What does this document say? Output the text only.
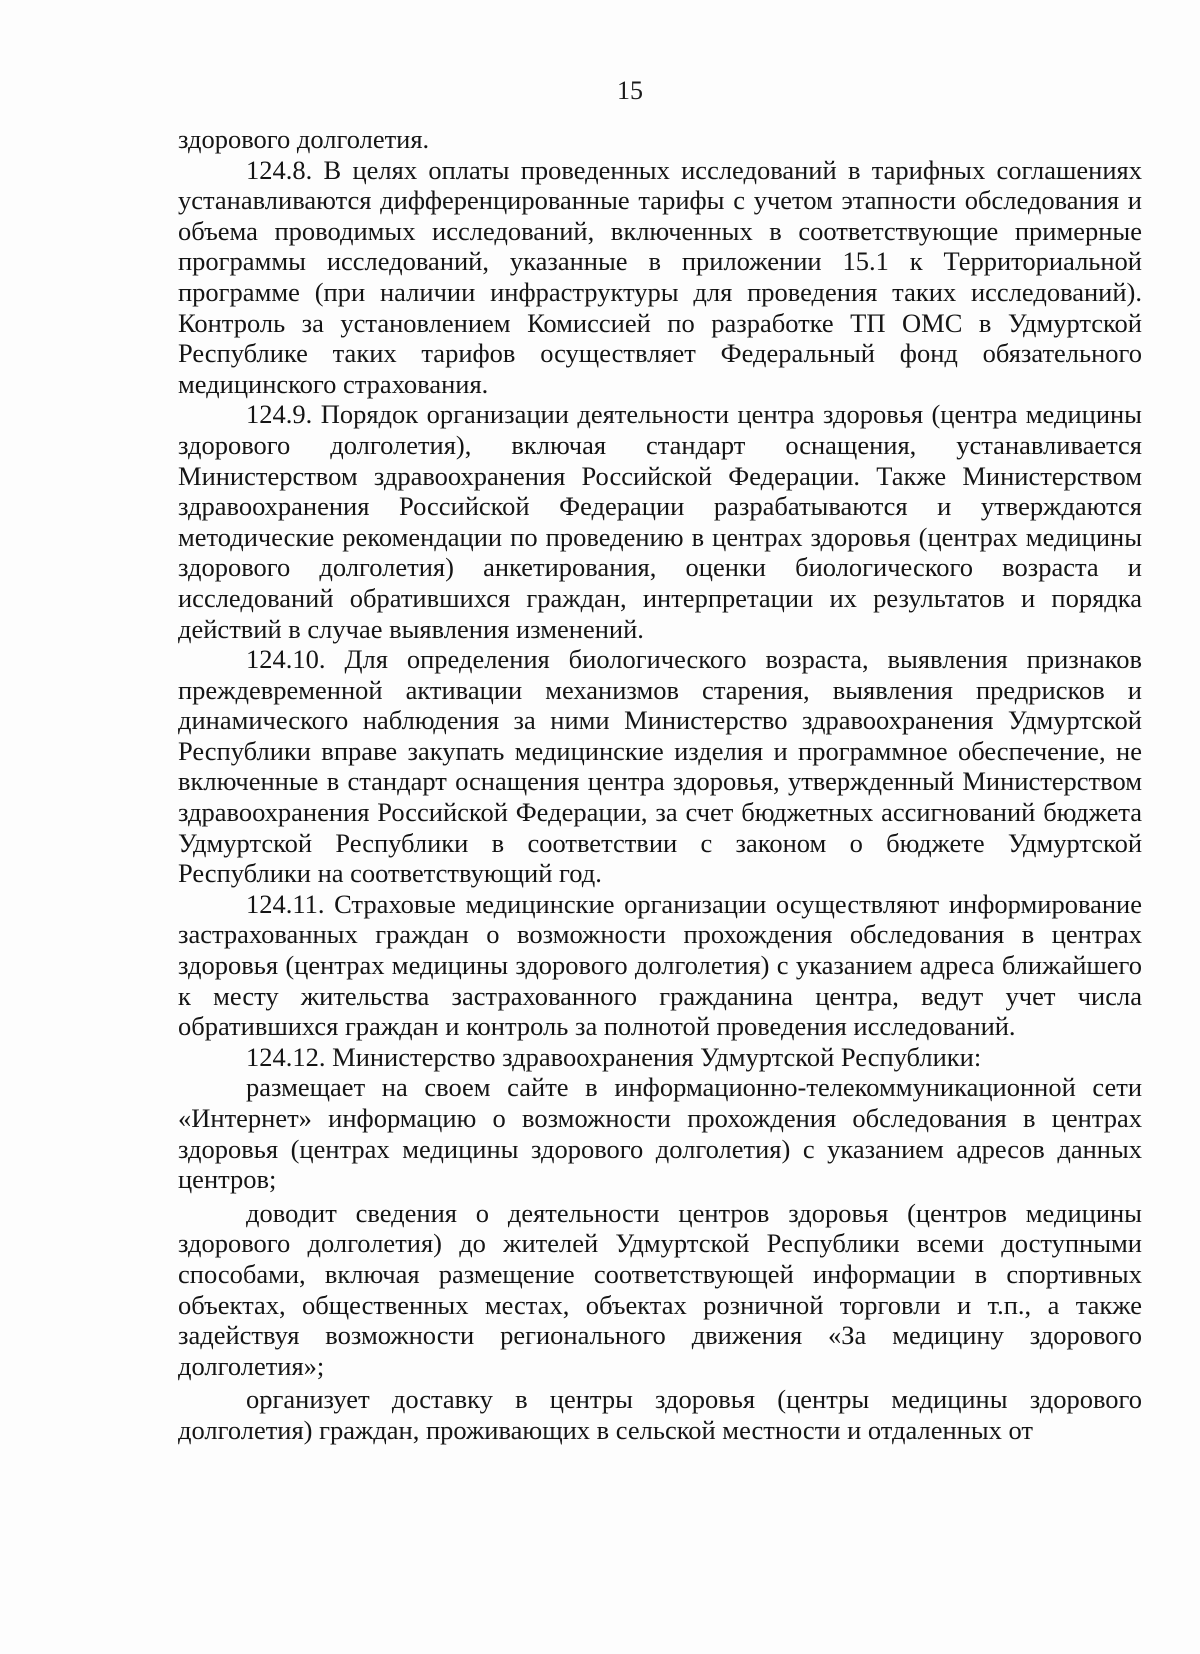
15

здорового долголетия.

124.8. В целях оплаты проведенных исследований в тарифных соглашениях устанавливаются дифференцированные тарифы с учетом этапности обследования и объема проводимых исследований, включенных в соответствующие примерные программы исследований, указанные в приложении 15.1 к Территориальной программе (при наличии инфраструктуры для проведения таких исследований). Контроль за установлением Комиссией по разработке ТП ОМС в Удмуртской Республике таких тарифов осуществляет Федеральный фонд обязательного медицинского страхования.

124.9. Порядок организации деятельности центра здоровья (центра медицины здорового долголетия), включая стандарт оснащения, устанавливается Министерством здравоохранения Российской Федерации. Также Министерством здравоохранения Российской Федерации разрабатываются и утверждаются методические рекомендации по проведению в центрах здоровья (центрах медицины здорового долголетия) анкетирования, оценки биологического возраста и исследований обратившихся граждан, интерпретации их результатов и порядка действий в случае выявления изменений.

124.10. Для определения биологического возраста, выявления признаков преждевременной активации механизмов старения, выявления предрисков и динамического наблюдения за ними Министерство здравоохранения Удмуртской Республики вправе закупать медицинские изделия и программное обеспечение, не включенные в стандарт оснащения центра здоровья, утвержденный Министерством здравоохранения Российской Федерации, за счет бюджетных ассигнований бюджета Удмуртской Республики в соответствии с законом о бюджете Удмуртской Республики на соответствующий год.

124.11. Страховые медицинские организации осуществляют информирование застрахованных граждан о возможности прохождения обследования в центрах здоровья (центрах медицины здорового долголетия) с указанием адреса ближайшего к месту жительства застрахованного гражданина центра, ведут учет числа обратившихся граждан и контроль за полнотой проведения исследований.

124.12. Министерство здравоохранения Удмуртской Республики:

размещает на своем сайте в информационно-телекоммуникационной сети «Интернет» информацию о возможности прохождения обследования в центрах здоровья (центрах медицины здорового долголетия) с указанием адресов данных центров;

доводит сведения о деятельности центров здоровья (центров медицины здорового долголетия) до жителей Удмуртской Республики всеми доступными способами, включая размещение соответствующей информации в спортивных объектах, общественных местах, объектах розничной торговли и т.п., а также задействуя возможности регионального движения «За медицину здорового долголетия»;

организует доставку в центры здоровья (центры медицины здорового долголетия) граждан, проживающих в сельской местности и отдаленных от
